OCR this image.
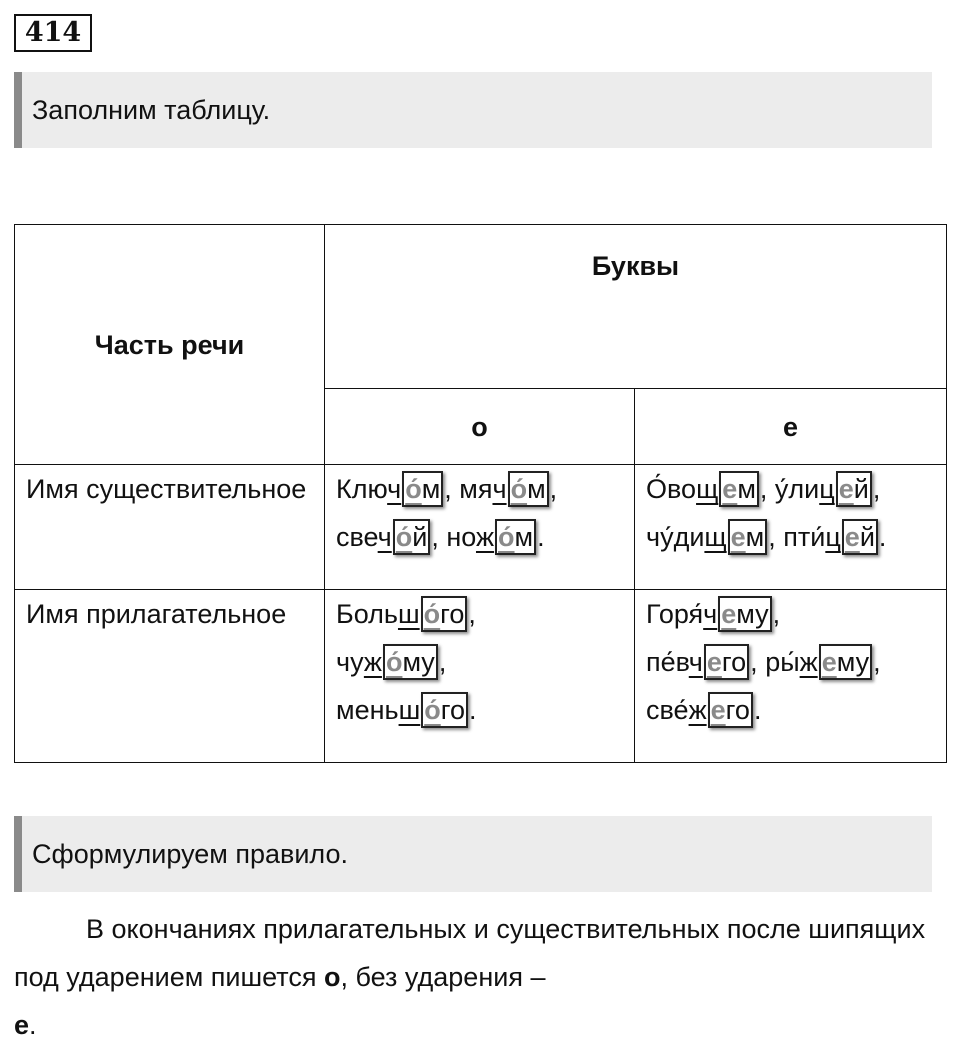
414
Заполним таблицу.
Часть речи	Буквы	
	о	е
Имя существительное	Ключ о́м , мяч о́м ,
свеч о́й , нож о́м .	О́вощ ем , у́лиц ей ,
чу́дищ ем , пти́ц ей .
Имя прилагательное	Больш о́го ,
чуж о́му ,
меньш о́го .	Горя́ч ему ,
пе́вч его , ры́ж ему ,
све́ж его .
Сформулируем правило.
В окончаниях прилагательных и существительных после шипящих под ударением пишется о, без ударения –
е.
